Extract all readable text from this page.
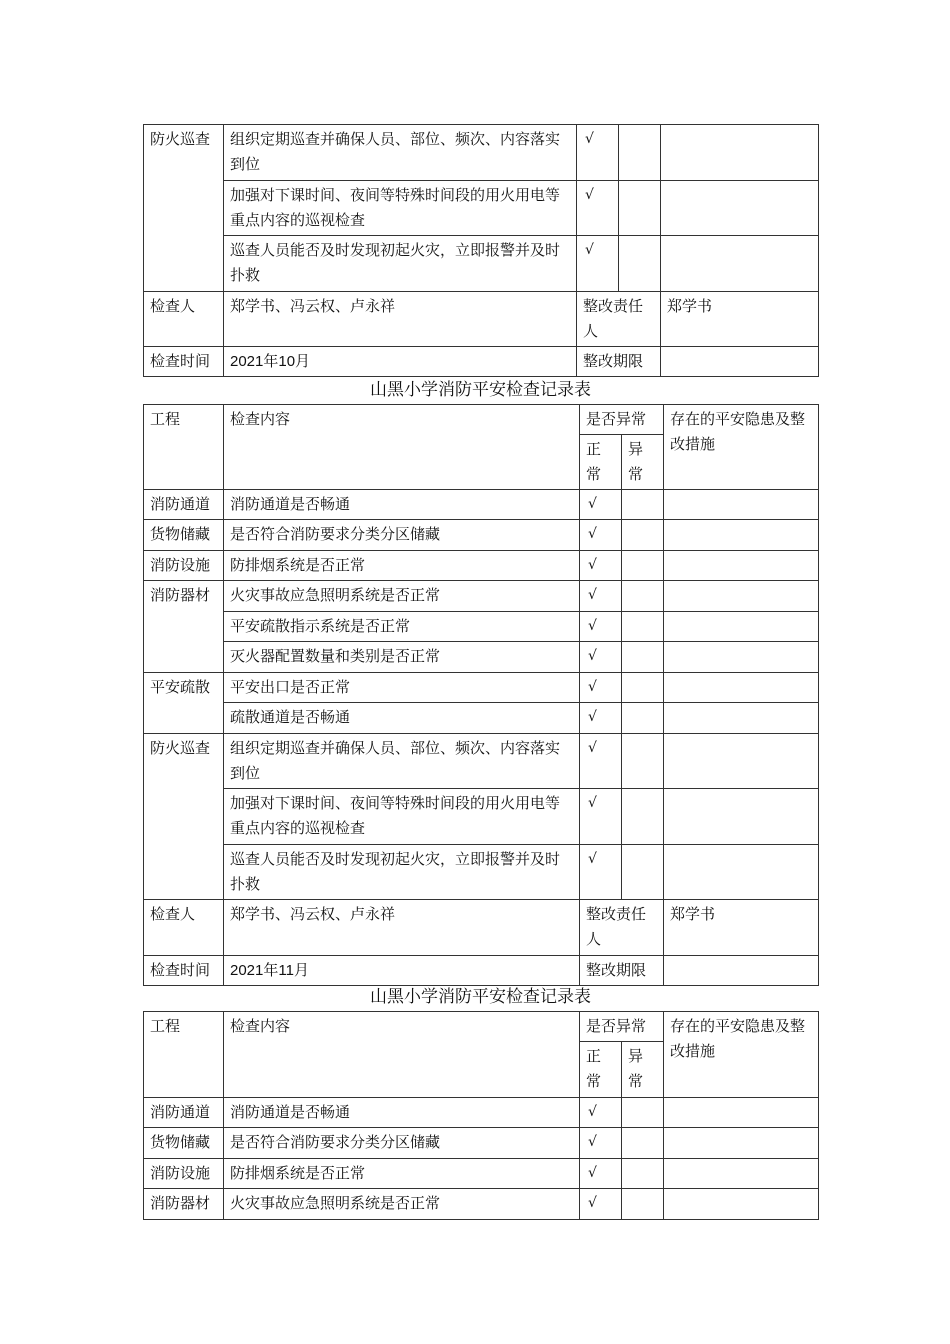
防火巡查	组织定期巡查并确保人员、部位、频次、内容落实到位	√		
	加强对下课时间、夜间等特殊时间段的用火用电等重点内容的巡视检查	√		
	巡查人员能否及时发现初起火灾，立即报警并及时扑救	√		
检查人	郑学书、冯云权、卢永祥	整改责任人		郑学书
检查时间	2021年10月	整改期限		
山黑小学消防平安检查记录表
工程	检查内容	是否异常		存在的平安隐患及整改措施
		正常	异常	
消防通道	消防通道是否畅通	√		
货物储藏	是否符合消防要求分类分区储藏	√		
消防设施	防排烟系统是否正常	√		
消防器材	火灾事故应急照明系统是否正常	√		
	平安疏散指示系统是否正常	√		
	灭火器配置数量和类别是否正常	√		
平安疏散	平安出口是否正常	√		
	疏散通道是否畅通	√		
防火巡查	组织定期巡查并确保人员、部位、频次、内容落实到位	√		
	加强对下课时间、夜间等特殊时间段的用火用电等重点内容的巡视检查	√		
	巡查人员能否及时发现初起火灾，立即报警并及时扑救	√		
检查人	郑学书、冯云权、卢永祥	整改责任人		郑学书
检查时间	2021年11月	整改期限		
山黑小学消防平安检查记录表
工程	检查内容	是否异常		存在的平安隐患及整改措施
		正常	异常	
消防通道	消防通道是否畅通	√		
货物储藏	是否符合消防要求分类分区储藏	√		
消防设施	防排烟系统是否正常	√		
消防器材	火灾事故应急照明系统是否正常	√		
